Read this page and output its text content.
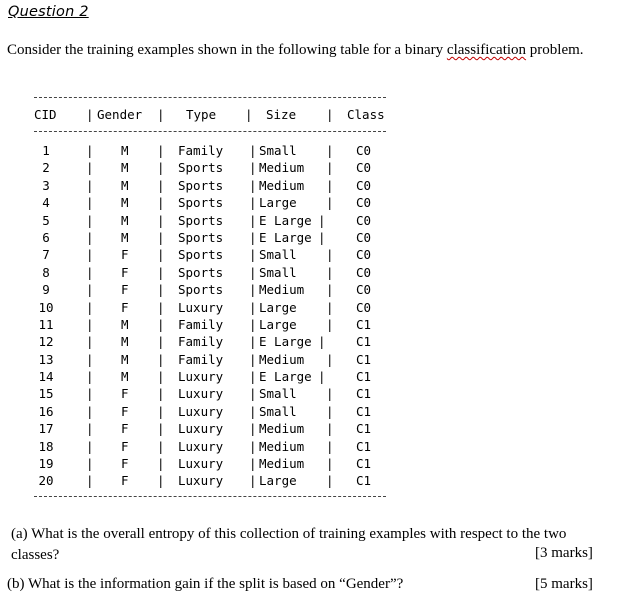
Question 2
Consider the training examples shown in the following table for a binary classification problem.
CID | Gender | Type | Size | Class
1	| M | Family	Small | C0
|
2	| M | Sports	Medium | C0
|
3	| M | Sports	Medium | C0
|
4	| M | Sports	Large | C0
|
5	| M | Sports	E Large | C0
|
6	| M | Sports	E Large | C0
|
7	| F | Sports	Small | C0
|
8	| F | Sports	Small | C0
|
9	| F | Sports	Medium | C0
|
10	| F | Luxury	Large | C0
|
11	| M | Family	Large | C1
|
12	| M | Family	E Large | C1
|
13	| M | Family	Medium | C1
|
14	| M | Luxury	E Large | C1
|
15	| F | Luxury	Small | C1
|
16	| F | Luxury	Small | C1
|
17	| F | Luxury	Medium | C1
|
18	| F | Luxury	Medium | C1
|
19	| F | Luxury	Medium | C1
|
20	| F | Luxury	Large | C1
|
(a) What is the overall entropy of this collection of training examples with respect to the two classes?	[3 marks]
(b) What is the information gain if the split is based on “Gender”?	[5 marks]
